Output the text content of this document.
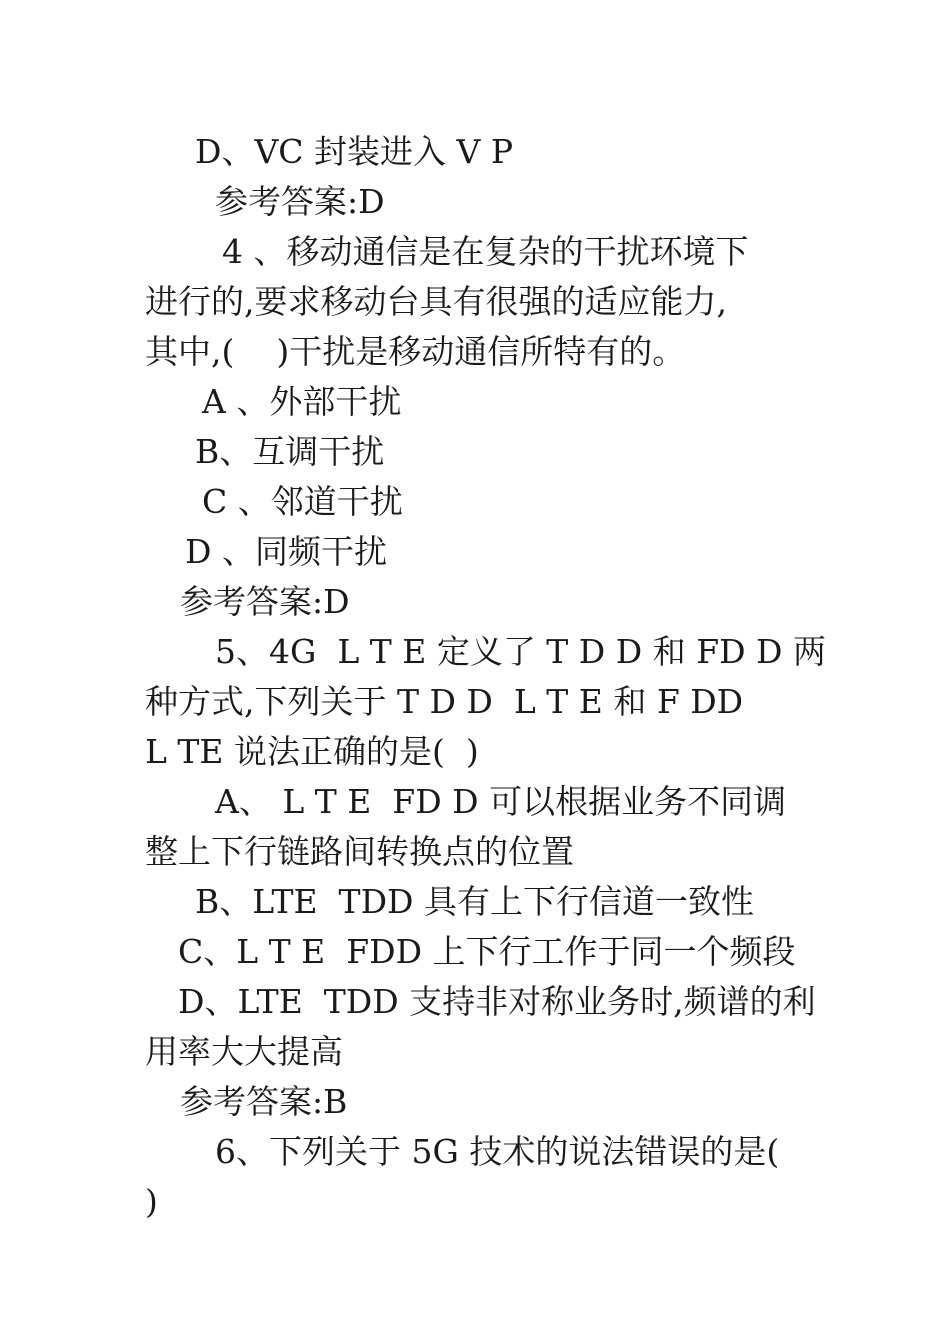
D、VC 封装进入 V P
参考答案:D
4 、移动通信是在复杂的干扰环境下
进行的,要求移动台具有很强的适应能力,
其中,(    )干扰是移动通信所特有的。
A 、外部干扰
B、互调干扰
C 、邻道干扰
D 、同频干扰
参考答案:D
5、4G  L T E 定义了 T D D 和 FD D 两
种方式,下列关于 T D D  L T E 和 F DD
L TE 说法正确的是(  )
A、 L T E  FD D 可以根据业务不同调
整上下行链路间转换点的位置
B、LTE  TDD 具有上下行信道一致性
C、L T E  FDD 上下行工作于同一个频段
D、LTE  TDD 支持非对称业务时,频谱的利
用率大大提高
参考答案:B
6、下列关于 5G 技术的说法错误的是(
)
